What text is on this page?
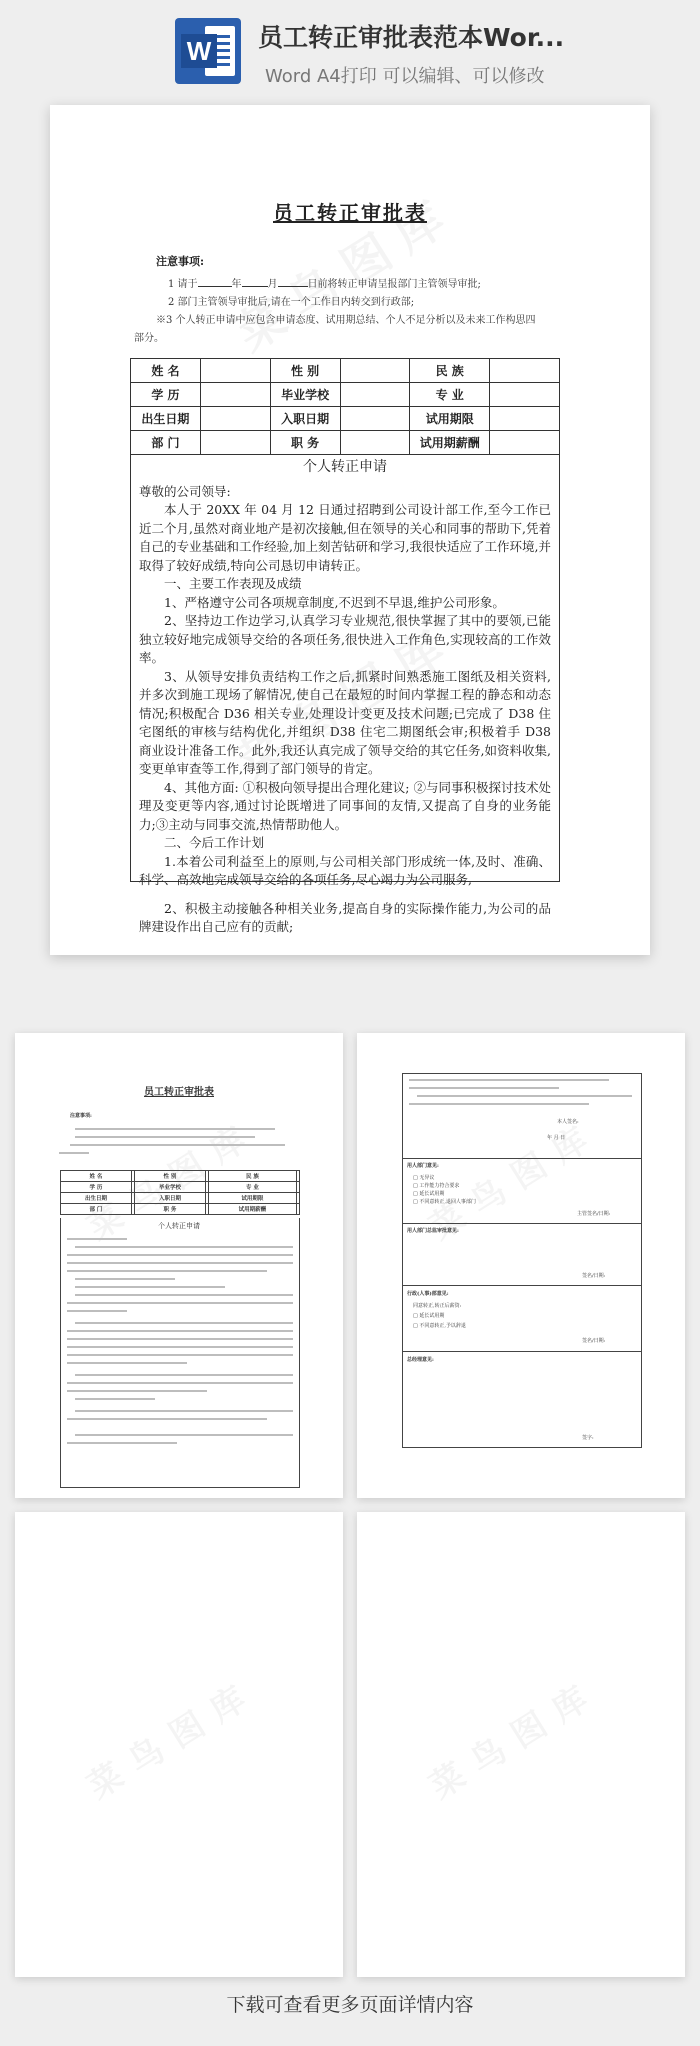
W 员工转正审批表范本Wor...
Word A4打印 可以编辑、可以修改
员工转正审批表
注意事项:
1 请于	年	月	日前将转正申请呈报部门主管领导审批;
2 部门主管领导审批后,请在一个工作日内转交到行政部;
※3 个人转正申请中应包含申请态度、试用期总结、个人不足分析以及未来工作构思四
部分。
姓 名		性 别		民 族	
学 历		毕业学校		专 业	
出生日期		入职日期		试用期限	
部 门		职 务		试用期薪酬	
个人转正申请

尊敬的公司领导:

本人于 20XX 年 04 月 12 日通过招聘到公司设计部工作,至今工作已近二个月,虽然对商业地产是初次接触,但在领导的关心和同事的帮助下,凭着自己的专业基础和工作经验,加上刻苦钻研和学习,我很快适应了工作环境,并取得了较好成绩,特向公司恳切申请转正。

一、主要工作表现及成绩

1、严格遵守公司各项规章制度,不迟到不早退,维护公司形象。

2、坚持边工作边学习,认真学习专业规范,很快掌握了其中的要领,已能独立较好地完成领导交给的各项任务,很快进入工作角色,实现较高的工作效率。

3、从领导安排负责结构工作之后,抓紧时间熟悉施工图纸及相关资料,并多次到施工现场了解情况,使自己在最短的时间内掌握工程的静态和动态情况;积极配合 D36 相关专业,处理设计变更及技术问题;已完成了 D38 住宅图纸的审核与结构优化,并组织 D38 住宅二期图纸会审;积极着手 D38 商业设计准备工作。此外,我还认真完成了领导交给的其它任务,如资料收集,变更单审查等工作,得到了部门领导的肯定。

4、其他方面: ①积极向领导提出合理化建议; ②与同事积极探讨技术处理及变更等内容,通过讨论既增进了同事间的友情,又提高了自身的业务能力;③主动与同事交流,热情帮助他人。

二、今后工作计划

1.本着公司利益至上的原则,与公司相关部门形成统一体,及时、准确、科学、高效地完成领导交给的各项任务,尽心竭力为公司服务,

2、积极主动接触各种相关业务,提高自身的实际操作能力,为公司的品牌建设作出自己应有的贡献;

员工转正审批表
注意事项:
姓 名		性 别		民 族	
学 历		毕业学校		专 业	
出生日期		入职日期		试用期限	
部 门		职 务		试用期薪酬	
个人转正申请
本人签名:
年 月 日
用人部门意见:
□ 无异议
□ 工作能力符合要求
□ 延长试用期
□ 不同意转正,退回人事部门
主管签名/日期:
用人部门总监审批意见:
签名/日期:
行政(人事)部意见:
同意转正,转正后薪资:
□ 延长试用期
□ 不同意转正,予以辞退
签名/日期:
总经理意见:
签字:
下载可查看更多页面详情内容
